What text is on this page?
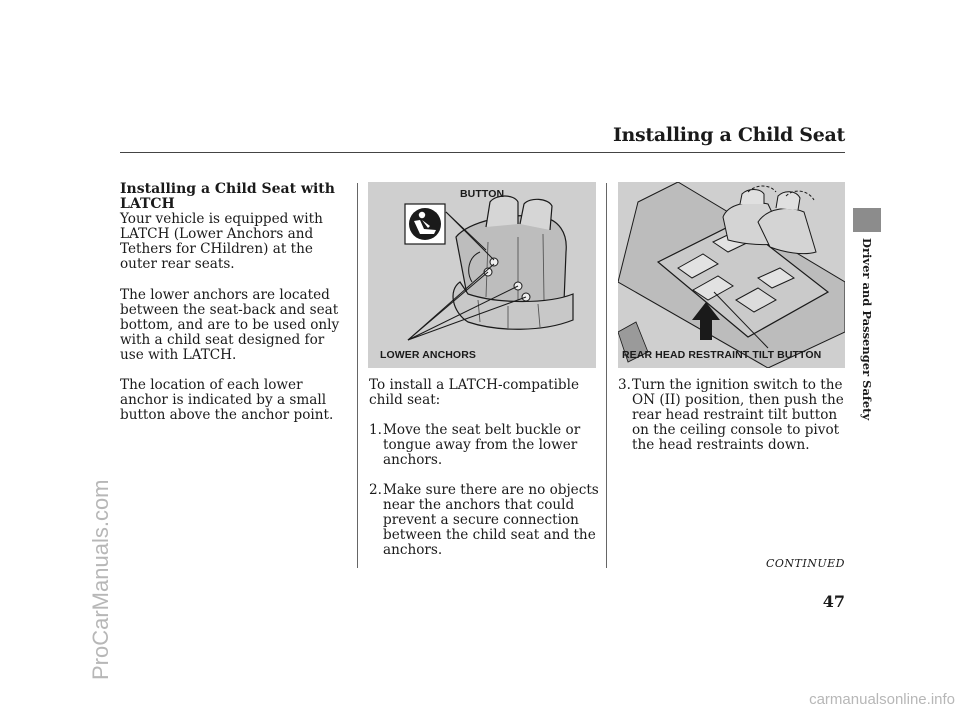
Installing a Child Seat
Driver and Passenger Safety
Installing a Child Seat with LATCH
Your vehicle is equipped with LATCH (Lower Anchors and Tethers for CHildren) at the outer rear seats.
The lower anchors are located between the seat-back and seat bottom, and are to be used only with a child seat designed for use with LATCH.
The location of each lower anchor is indicated by a small button above the anchor point.
BUTTON
LOWER ANCHORS	REAR HEAD RESTRAINT TILT BUTTON
To install a LATCH-compatible child seat:
1. Move the seat belt buckle or tongue away from the lower anchors.
2. Make sure there are no objects near the anchors that could prevent a secure connection between the child seat and the anchors.
3. Turn the ignition switch to the ON (II) position, then push the rear head restraint tilt button on the ceiling console to pivot the head restraints down.
CONTINUED
47
ProCarManuals.com
carmanualsonline.info
